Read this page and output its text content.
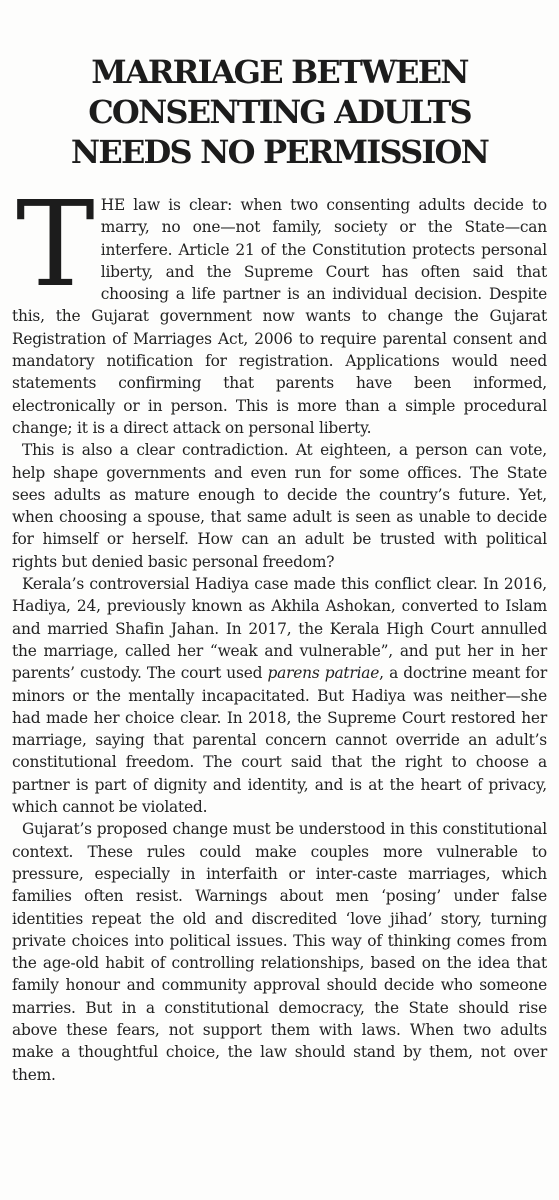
MARRIAGE BETWEEN
CONSENTING ADULTS
NEEDS NO PERMISSION

THE law is clear: when two consenting adults decide to marry, no one—not family, society or the State—can interfere. Article 21 of the Constitution protects personal liberty, and the Supreme Court has often said that choosing a life partner is an individual decision. Despite this, the Gujarat government now wants to change the Gujarat Registration of Marriages Act, 2006 to require parental consent and mandatory notification for registration. Applications would need statements confirming that parents have been informed, electronically or in person. This is more than a simple procedural change; it is a direct attack on personal liberty.

This is also a clear contradiction. At eighteen, a person can vote, help shape governments and even run for some offices. The State sees adults as mature enough to decide the country’s future. Yet, when choosing a spouse, that same adult is seen as unable to decide for himself or herself. How can an adult be trusted with political rights but denied basic personal freedom?

Kerala’s controversial Hadiya case made this conflict clear. In 2016, Hadiya, 24, previously known as Akhila Ashokan, converted to Islam and married Shafin Jahan. In 2017, the Kerala High Court annulled the marriage, called her “weak and vulnerable”, and put her in her parents’ custody. The court used parens patriae, a doctrine meant for minors or the mentally incapacitated. But Hadiya was neither—she had made her choice clear. In 2018, the Supreme Court restored her marriage, saying that parental concern cannot override an adult’s constitutional freedom. The court said that the right to choose a partner is part of dignity and identity, and is at the heart of privacy, which cannot be violated.

Gujarat’s proposed change must be understood in this constitutional context. These rules could make couples more vulnerable to pressure, especially in interfaith or inter-caste marriages, which families often resist. Warnings about men ‘posing’ under false identities repeat the old and discredited ‘love jihad’ story, turning private choices into political issues. This way of thinking comes from the age-old habit of controlling relationships, based on the idea that family honour and community approval should decide who someone marries. But in a constitutional democracy, the State should rise above these fears, not support them with laws. When two adults make a thoughtful choice, the law should stand by them, not over them.
